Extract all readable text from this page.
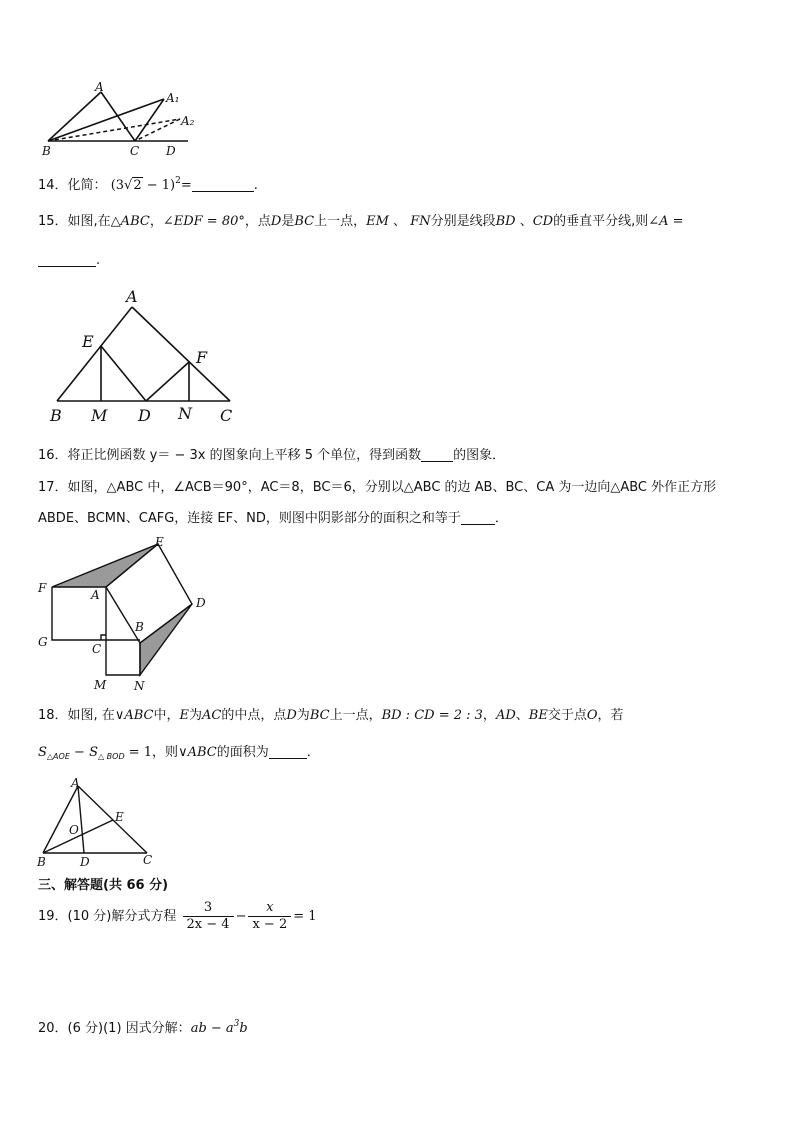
A
A₁
A₂
B	C D
14．化简： $(3√2 - 1)^2=$	.
15．如图,在△ABC，∠EDF = 80°，点D是BC上一点，EM 、 FN分别是线段BD 、CD的垂直平分线,则∠A =
.
A
E
F
B M D N C
16．将正比例函数 y＝ − 3x 的图象向上平移 5 个单位，得到函数 的图象．
17．如图，△ABC 中，∠ACB＝90°，AC＝8，BC＝6，分别以△ABC 的边 AB、BC、CA 为一边向△ABC 外作正方形
ABDE、BCMN、CAFG，连接 EF、ND，则图中阴影部分的面积之和等于	．
E
F	A
D
B
G	C
M N
18．如图, 在∨ABC中，E为AC的中点，点D为BC上一点，BD : CD = 2 : 3，AD、BE交于点O，若
$S_{\triangle AOE} - S_{\triangle BOD} = 1$，则∨ABC的面积为	．
A
E
O
B	D	C
三、解答题(共 66 分)
19．(10 分)解分式方程 $\frac{3}{2x - 4} - \frac{x}{x - 2} = 1$
20．(6 分)(1) 因式分解：ab − $a^3b$
